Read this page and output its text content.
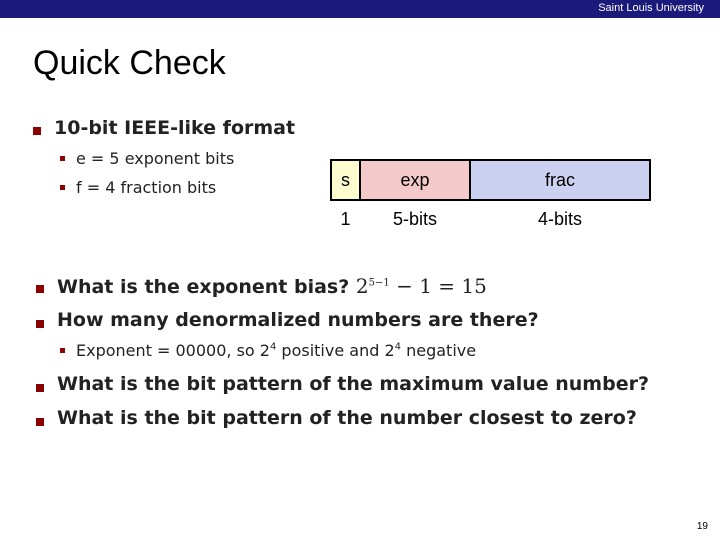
Saint Louis University
Quick Check
10-bit IEEE-like format
e = 5 exponent bits
f = 4 fraction bits	s	exp	frac
1	5-bits	4-bits
What is the exponent bias? $2^{5-1} - 1 = 15$
How many denormalized numbers are there?
Exponent = 00000, so $2^4$ positive and $2^4$ negative
What is the bit pattern of the maximum value number?
What is the bit pattern of the number closest to zero?
19
